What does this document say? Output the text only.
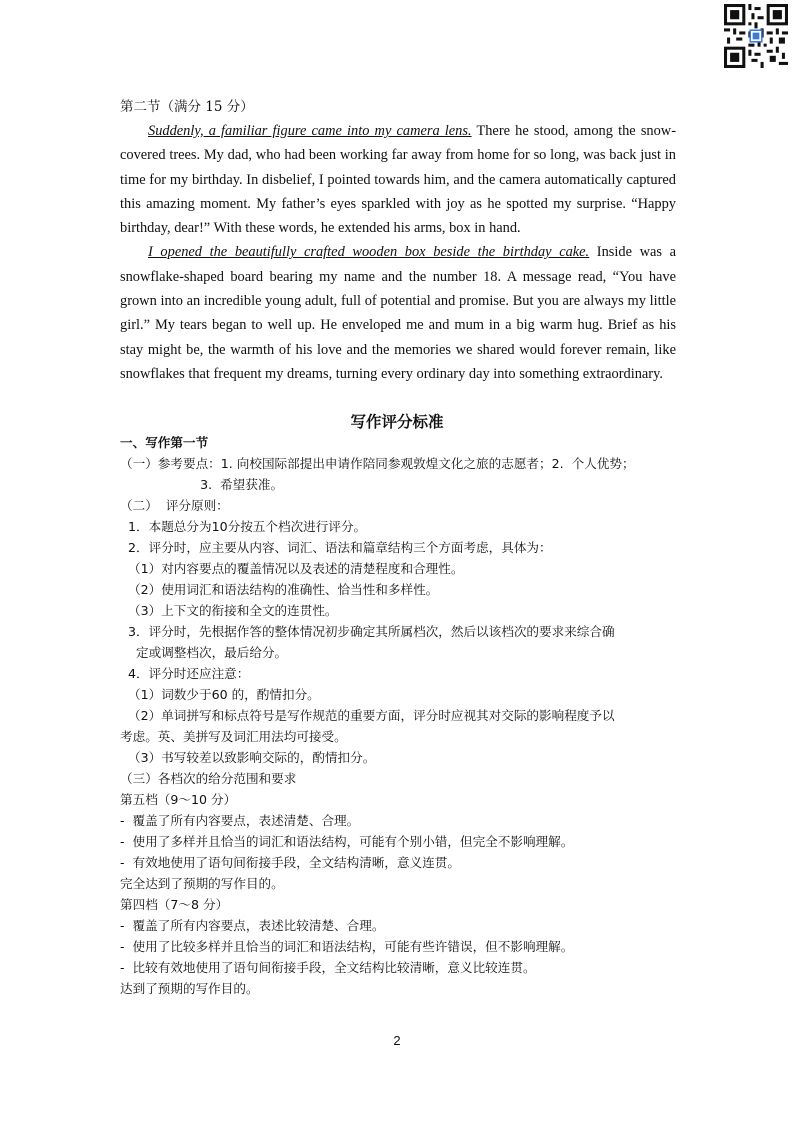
第二节（满分 15 分）

Suddenly, a familiar figure came into my camera lens. There he stood, among the snow-covered trees. My dad, who had been working far away from home for so long, was back just in time for my birthday. In disbelief, I pointed towards him, and the camera automatically captured this amazing moment. My father’s eyes sparkled with joy as he spotted my surprise. “Happy birthday, dear!” With these words, he extended his arms, box in hand.

I opened the beautifully crafted wooden box beside the birthday cake. Inside was a snowflake-shaped board bearing my name and the number 18. A message read, “You have grown into an incredible young adult, full of potential and promise. But you are always my little girl.” My tears began to well up. He enveloped me and mum in a big warm hug. Brief as his stay might be, the warmth of his love and the memories we shared would forever remain, like snowflakes that frequent my dreams, turning every ordinary day into something extraordinary.

写作评分标准
一、写作第一节
（一）参考要点：1. 向校国际部提出申请作陪同参观敦煌文化之旅的志愿者；2.  个人优势；
3.  希望获准。
（二）  评分原则：
1．本题总分为10分按五个档次进行评分。
2．评分时，应主要从内容、词汇、语法和篇章结构三个方面考虑，具体为：
（1）对内容要点的覆盖情况以及表述的清楚程度和合理性。
（2）使用词汇和语法结构的准确性、恰当性和多样性。
（3）上下文的衔接和全文的连贯性。
3．评分时，先根据作答的整体情况初步确定其所属档次，然后以该档次的要求来综合确
定或调整档次，最后给分。
4．评分时还应注意：
（1）词数少于60 的，酌情扣分。
（2）单词拼写和标点符号是写作规范的重要方面，评分时应视其对交际的影响程度予以
考虑。英、美拼写及词汇用法均可接受。
（3）书写较差以致影响交际的，酌情扣分。
（三）各档次的给分范围和要求
第五档（9～10 分）
-  覆盖了所有内容要点，表述清楚、合理。
-  使用了多样并且恰当的词汇和语法结构，可能有个别小错，但完全不影响理解。
-  有效地使用了语句间衔接手段，全文结构清晰，意义连贯。
完全达到了预期的写作目的。
第四档（7～8 分）
-  覆盖了所有内容要点，表述比较清楚、合理。
-  使用了比较多样并且恰当的词汇和语法结构，可能有些许错误，但不影响理解。
-  比较有效地使用了语句间衔接手段，全文结构比较清晰，意义比较连贯。
达到了预期的写作目的。
2
